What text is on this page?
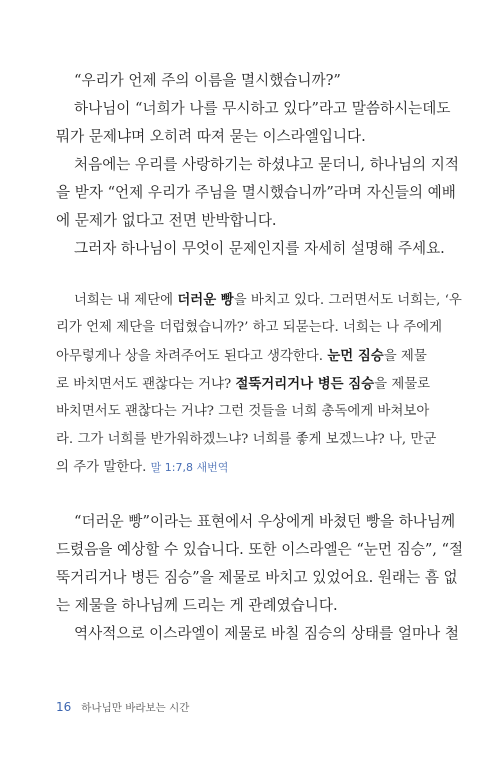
“우리가 언제 주의 이름을 멸시했습니까?”
하나님이 “너희가 나를 무시하고 있다”라고 말씀하시는데도
뭐가 문제냐며 오히려 따져 묻는 이스라엘입니다.
처음에는 우리를 사랑하기는 하셨냐고 묻더니, 하나님의 지적
을 받자 “언제 우리가 주님을 멸시했습니까”라며 자신들의 예배
에 문제가 없다고 전면 반박합니다.
그러자 하나님이 무엇이 문제인지를 자세히 설명해 주세요.
너희는 내 제단에 더러운 빵을 바치고 있다. 그러면서도 너희는, ‘우
리가 언제 제단을 더럽혔습니까?’ 하고 되묻는다. 너희는 나 주에게
아무렇게나 상을 차려주어도 된다고 생각한다. 눈먼 짐승을 제물
로 바치면서도 괜찮다는 거냐? 절뚝거리거나 병든 짐승을 제물로
바치면서도 괜찮다는 거냐? 그런 것들을 너희 총독에게 바쳐보아
라. 그가 너희를 반가워하겠느냐? 너희를 좋게 보겠느냐? 나, 만군
의 주가 말한다. 말 1:7,8 새번역
“더러운 빵”이라는 표현에서 우상에게 바쳤던 빵을 하나님께
드렸음을 예상할 수 있습니다. 또한 이스라엘은 “눈먼 짐승”, “절
뚝거리거나 병든 짐승”을 제물로 바치고 있었어요. 원래는 흠 없
는 제물을 하나님께 드리는 게 관례였습니다.
역사적으로 이스라엘이 제물로 바칠 짐승의 상태를 얼마나 철
16 하나님만 바라보는 시간
